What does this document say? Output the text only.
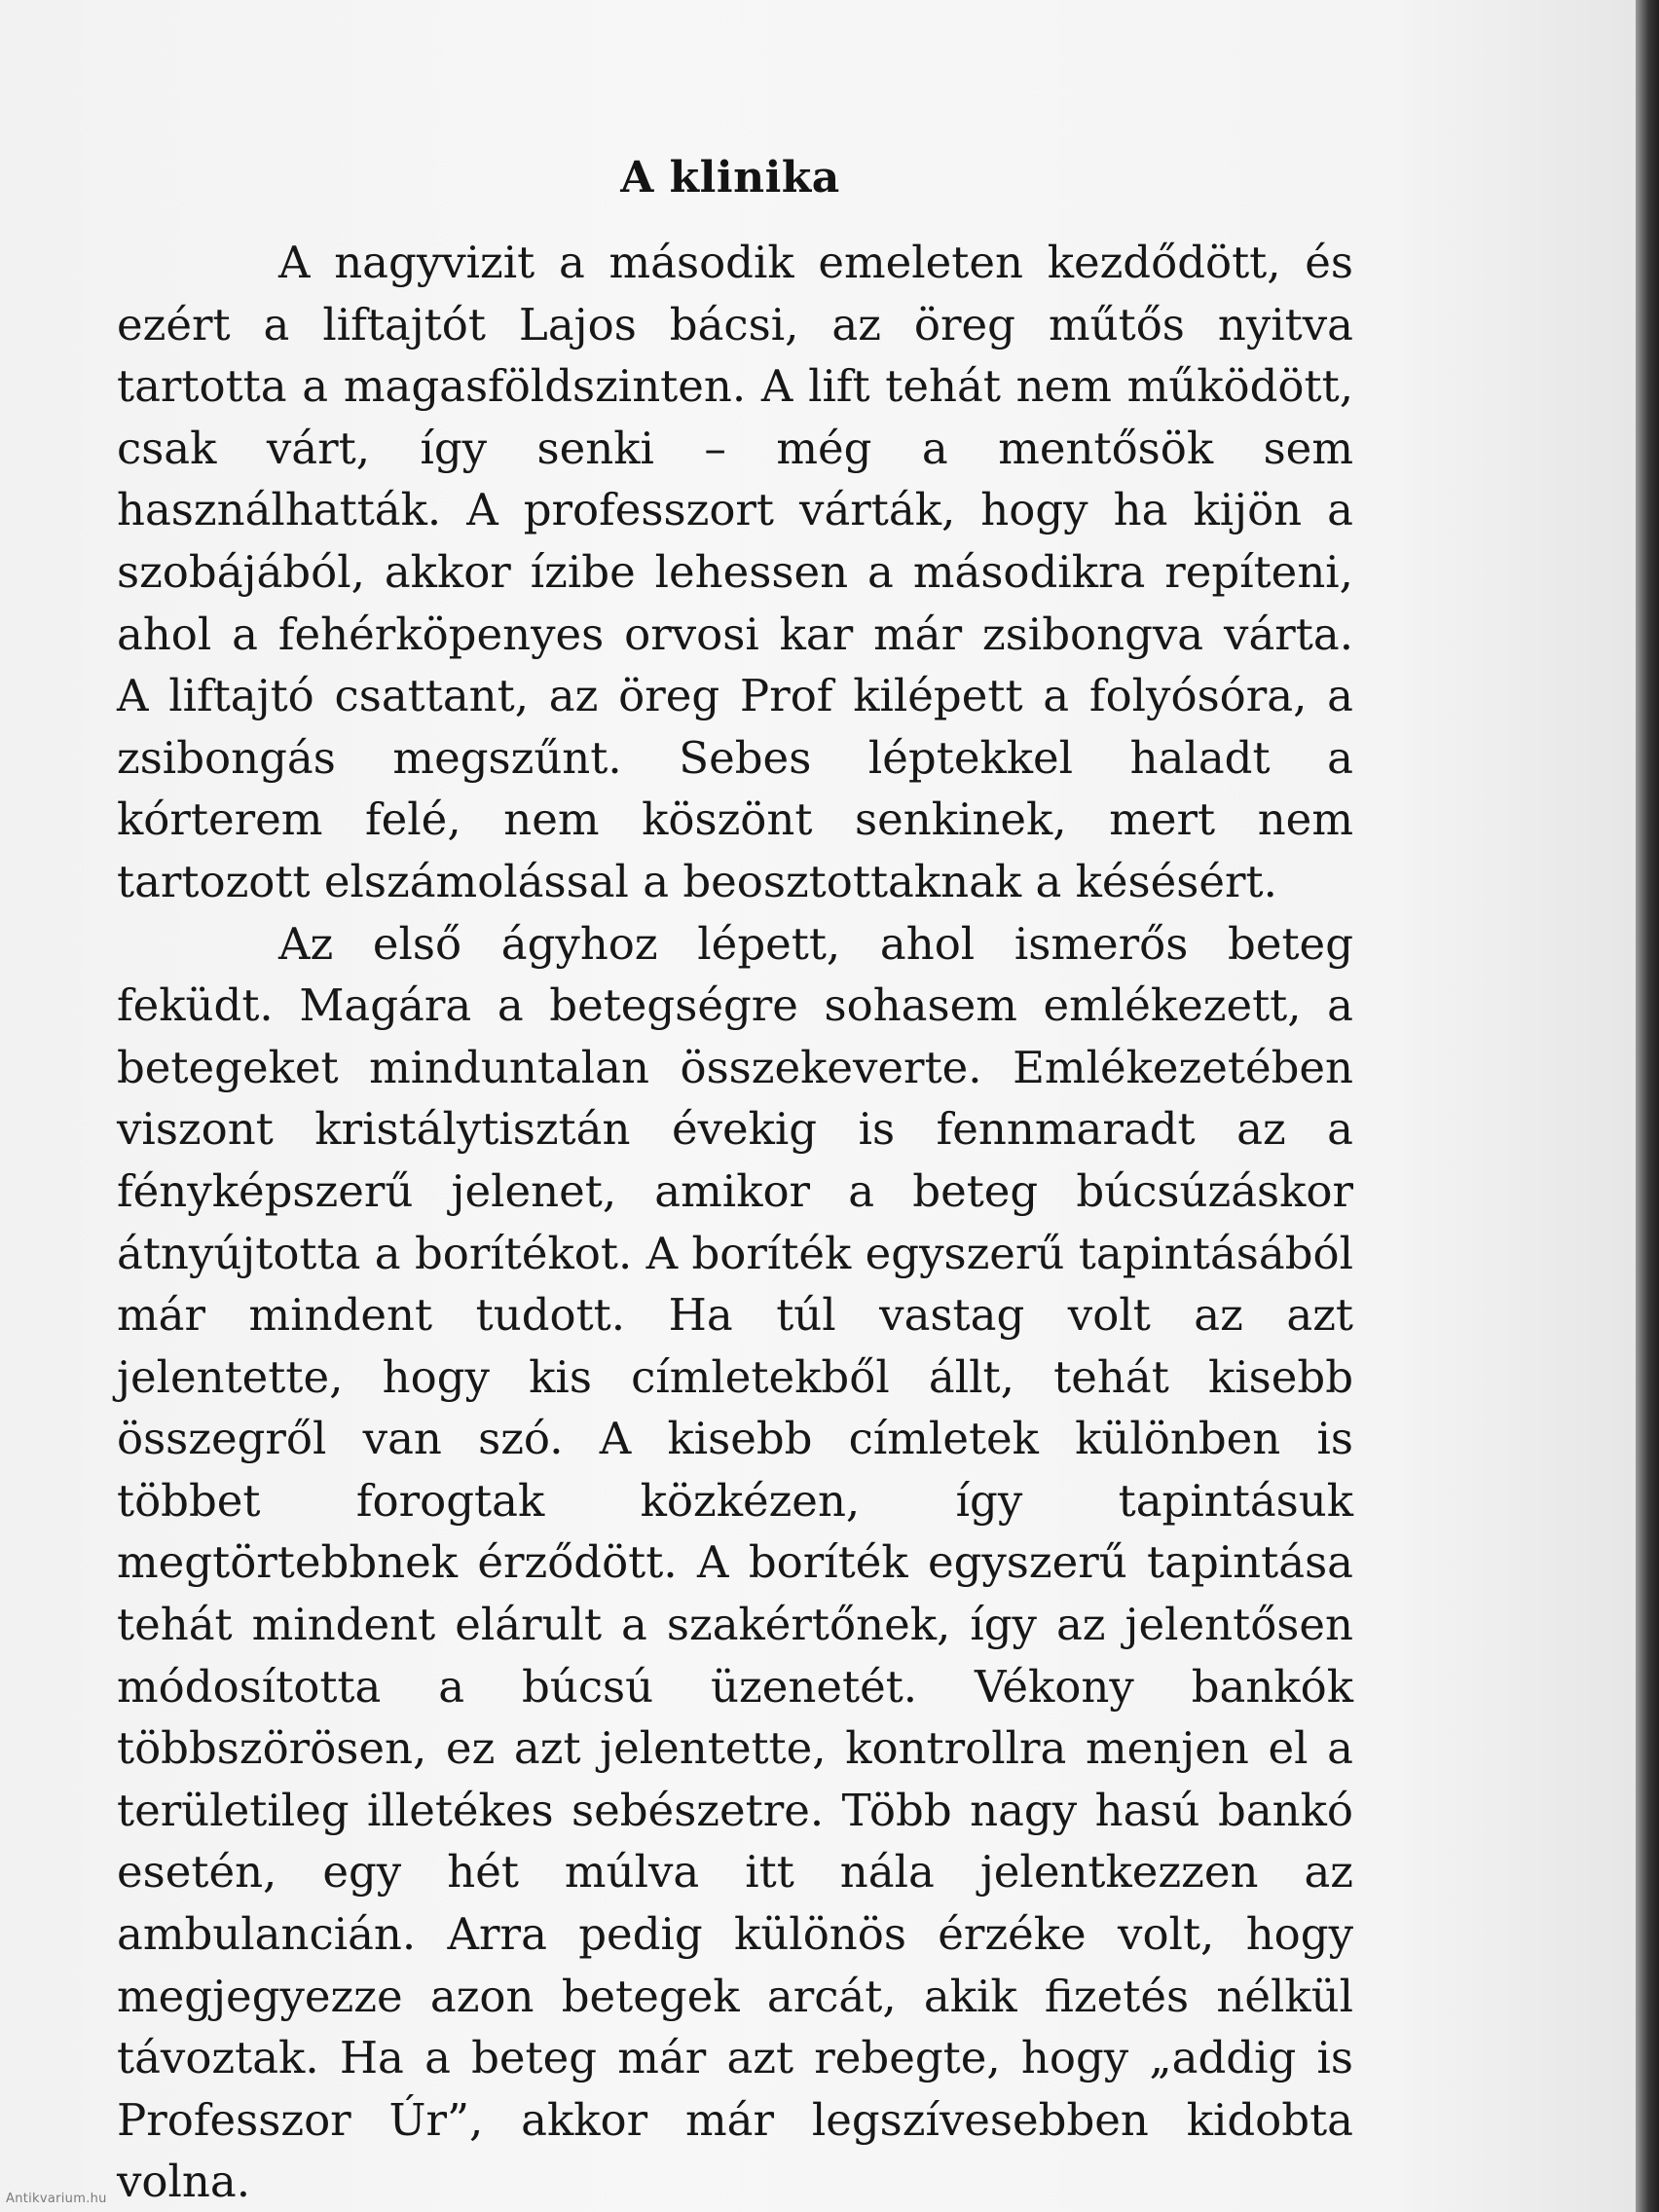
A klinika

A nagyvizit a második emeleten kezdődött, és ezért a liftajtót Lajos bácsi, az öreg műtős nyitva tartotta a magasföldszinten. A lift tehát nem működött, csak várt, így senki – még a mentősök sem használhatták. A professzort várták, hogy ha kijön a szobájából, akkor ízibe lehessen a másodikra repíteni, ahol a fehérköpenyes orvosi kar már zsibongva várta. A liftajtó csattant, az öreg Prof kilépett a folyósóra, a zsibongás megszűnt. Sebes léptekkel haladt a kórterem felé, nem köszönt senkinek, mert nem tartozott elszámolással a beosztottaknak a késésért.

Az első ágyhoz lépett, ahol ismerős beteg feküdt. Magára a betegségre sohasem emlékezett, a betegeket minduntalan összekeverte. Emlékezetében viszont kristálytisztán évekig is fennmaradt az a fényképszerű jelenet, amikor a beteg búcsúzáskor átnyújtotta a borítékot. A boríték egyszerű tapintásából már mindent tudott. Ha túl vastag volt az azt jelentette, hogy kis címletekből állt, tehát kisebb összegről van szó. A kisebb címletek különben is többet forogtak közkézen, így tapintásuk megtörtebbnek érződött. A boríték egyszerű tapintása tehát mindent elárult a szakértőnek, így az jelentősen módosította a búcsú üzenetét. Vékony bankók többszörösen, ez azt jelentette, kontrollra menjen el a területileg illetékes sebészetre. Több nagy hasú bankó esetén, egy hét múlva itt nála jelentkezzen az ambulancián. Arra pedig különös érzéke volt, hogy megjegyezze azon betegek arcát, akik fizetés nélkül távoztak. Ha a beteg már azt rebegte, hogy „addig is Professzor Úr”, akkor már legszívesebben kidobta volna.

Antikvarium.hu
